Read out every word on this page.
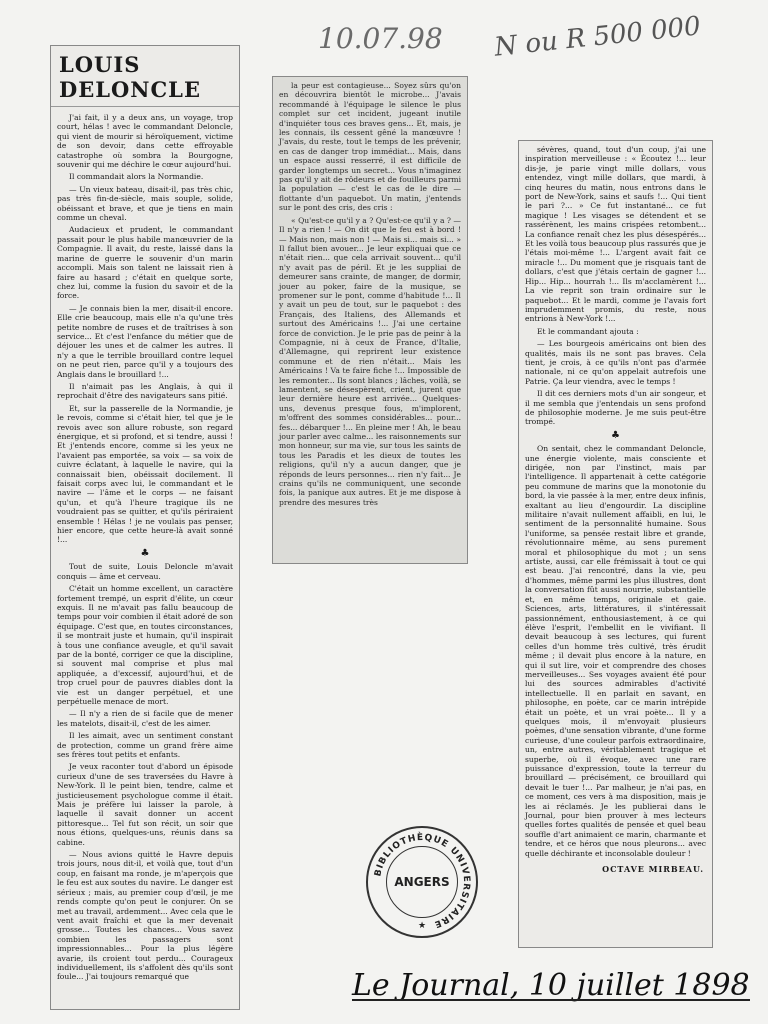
10.07.98 N ou R 500 000
LOUIS DELONCLE

J'ai fait, il y a deux ans, un voyage, trop court, hélas ! avec le commandant Deloncle, qui vient de mourir si héroïquement, victime de son devoir, dans cette effroyable catastrophe où sombra la Bourgogne, souvenir qui me déchire le cœur aujourd'hui.

Il commandait alors la Normandie.

— Un vieux bateau, disait-il, pas très chic, pas très fin-de-siècle, mais souple, solide, obéissant et brave, et que je tiens en main comme un cheval.

Audacieux et prudent, le commandant passait pour le plus habile manœuvrier de la Compagnie. Il avait, du reste, laissé dans la marine de guerre le souvenir d'un marin accompli. Mais son talent ne laissait rien à faire au hasard ; c'était en quelque sorte, chez lui, comme la fusion du savoir et de la force.

— Je connais bien la mer, disait-il encore. Elle crie beaucoup, mais elle n'a qu'une très petite nombre de ruses et de traîtrises à son service... Et c'est l'enfance du métier que de déjouer les unes et de calmer les autres. Il n'y a que le terrible brouillard contre lequel on ne peut rien, parce qu'il y a toujours des Anglais dans le brouillard !...

Il n'aimait pas les Anglais, à qui il reprochait d'être des navigateurs sans pitié.

Et, sur la passerelle de la Normandie, je le revois, comme si c'était hier, tel que je le revois avec son allure robuste, son regard énergique, et si profond, et si tendre, aussi ! Et j'entends encore, comme si les yeux ne l'avaient pas emportée, sa voix — sa voix de cuivre éclatant, à laquelle le navire, qui la connaissait bien, obéissait docilement. Il faisait corps avec lui, le commandant et le navire — l'âme et le corps — ne faisant qu'un, et qu'à l'heure tragique ils ne voudraient pas se quitter, et qu'ils périraient ensemble ! Hélas ! je ne voulais pas penser, hier encore, que cette heure-là avait sonné !...

♣

Tout de suite, Louis Deloncle m'avait conquis — âme et cerveau.

C'était un homme excellent, un caractère fortement trempé, un esprit d'élite, un cœur exquis. Il ne m'avait pas fallu beaucoup de temps pour voir combien il était adoré de son équipage. C'est que, en toutes circonstances, il se montrait juste et humain, qu'il inspirait à tous une confiance aveugle, et qu'il savait par de la bonté, corriger ce que la discipline, si souvent mal comprise et plus mal appliquée, a d'excessif, aujourd'hui, et de trop cruel pour de pauvres diables dont la vie est un danger perpétuel, et une perpétuelle menace de mort.

— Il n'y a rien de si facile que de mener les matelots, disait-il, c'est de les aimer.

Il les aimait, avec un sentiment constant de protection, comme un grand frère aime ses frères tout petits et enfants.

Je veux raconter tout d'abord un épisode curieux d'une de ses traversées du Havre à New-York. Il le peint bien, tendre, calme et justicieusement psychologue comme il était. Mais je préfère lui laisser la parole, à laquelle il savait donner un accent pittoresque... Tel fut son récit, un soir que nous étions, quelques-uns, réunis dans sa cabine.

— Nous avions quitté le Havre depuis trois jours, nous dit-il, et voilà que, tout d'un coup, en faisant ma ronde, je m'aperçois que le feu est aux soutes du navire. Le danger est sérieux ; mais, au premier coup d'œil, je me rends compte qu'on peut le conjurer. On se met au travail, ardemment... Avec cela que le vent avait fraîchi et que la mer devenait grosse... Toutes les chances... Vous savez combien les passagers sont impressionnables... Pour la plus légère avarie, ils croient tout perdu... Courageux individuellement, ils s'affolent dès qu'ils sont foule... J'ai toujours remarqué que

la peur est contagieuse... Soyez sûrs qu'on en découvrira bientôt le microbe... J'avais recommandé à l'équipage le silence le plus complet sur cet incident, jugeant inutile d'inquiéter tous ces braves gens... Et, mais, je les connais, ils cessent gêné la manœuvre ! J'avais, du reste, tout le temps de les prévenir, en cas de danger trop immédiat... Mais, dans un espace aussi resserré, il est difficile de garder longtemps un secret... Vous n'imaginez pas qu'il y ait de rôdeurs et de fouilleurs parmi la population — c'est le cas de le dire — flottante d'un paquebot. Un matin, j'entends sur le pont des cris, des cris :

« Qu'est-ce qu'il y a ? Qu'est-ce qu'il y a ? — Il n'y a rien ! — On dit que le feu est à bord ! — Mais non, mais non ! — Mais si... mais si... » Il fallut bien avouer... Je leur expliquai que ce n'était rien... que cela arrivait souvent... qu'il n'y avait pas de péril. Et je les suppliai de demeurer sans crainte, de manger, de dormir, jouer au poker, faire de la musique, se promener sur le pont, comme d'habitude !... Il y avait un peu de tout, sur le paquebot : des Français, des Italiens, des Allemands et surtout des Américains !... J'ai une certaine force de conviction. Je le prie pas de peinr à la Compagnie, ni à ceux de France, d'Italie, d'Allemagne, qui reprirent leur existence commune et de rien n'était... Mais les Américains ! Va te faire fiche !... Impossible de les remonter... Ils sont blancs ; lâches, voilà, se lamentent, se désespèrent, crient, jurent que leur dernière heure est arrivée... Quelques-uns, devenus presque fous, m'implorent, m'offrent des sommes considérables... pour... fes... débarquer !... En pleine mer ! Ah, le beau jour parler avec calme... les raisonnements sur mon honneur, sur ma vie, sur tous les saints de tous les Paradis et les dieux de toutes les religions, qu'il n'y a aucun danger, que je réponds de leurs personnes... rien n'y fait... Je crains qu'ils ne communiquent, une seconde fois, la panique aux autres. Et je me dispose à prendre des mesures très

sévères, quand, tout d'un coup, j'ai une inspiration merveilleuse : « Écoutez !... leur dis-je, je parie vingt mille dollars, vous entendez, vingt mille dollars, que mardi, à cinq heures du matin, nous entrons dans le port de New-York, sains et saufs !... Qui tient le pari ?... » Ce fut instantané... ce fut magique ! Les visages se détendent et se rassérènent, les mains crispées retombent... La confiance renaît chez les plus désespérés... Et les voilà tous beaucoup plus rassurés que je l'étais moi-même !... L'argent avait fait ce miracle !... Du moment que je risquais tant de dollars, c'est que j'étais certain de gagner !... Hip... Hip... hourrah !... Ils m'acclamèrent !... La vie reprit son train ordinaire sur le paquebot... Et le mardi, comme je l'avais fort imprudemment promis, du reste, nous entrions à New-York !...

Et le commandant ajouta :

— Les bourgeois américains ont bien des qualités, mais ils ne sont pas braves. Cela tient, je crois, à ce qu'ils n'ont pas d'armée nationale, ni ce qu'on appelait autrefois une Patrie. Ça leur viendra, avec le temps !

Il dit ces derniers mots d'un air songeur, et il me sembla que j'entendais un sens profond de philosophie moderne. Je me suis peut-être trompé.

♣

On sentait, chez le commandant Deloncle, une énergie violente, mais consciente et dirigée, non par l'instinct, mais par l'intelligence. Il appartenait à cette catégorie peu commune de marins que la monotonie du bord, la vie passée à la mer, entre deux infinis, exaltant au lieu d'engourdir. La discipline militaire n'avait nullement affaibli, en lui, le sentiment de la personnalité humaine. Sous l'uniforme, sa pensée restait libre et grande, révolutionnaire même, au sens purement moral et philosophique du mot ; un sens artiste, aussi, car elle frémissait à tout ce qui est beau. J'ai rencontré, dans la vie, peu d'hommes, même parmi les plus illustres, dont la conversation fût aussi nourrie, substantielle et, en même temps, originale et gaie. Sciences, arts, littératures, il s'intéressait passionnément, enthousiastement, à ce qui élève l'esprit, l'embellit en le vivifiant. Il devait beaucoup à ses lectures, qui furent celles d'un homme très cultivé, très érudit même ; il devait plus encore à la nature, en qui il sut lire, voir et comprendre des choses merveilleuses... Ses voyages avaient été pour lui des sources admirables d'activité intellectuelle. Il en parlait en savant, en philosophe, en poète, car ce marin intrépide était un poète, et un vrai poète... Il y a quelques mois, il m'envoyait plusieurs poèmes, d'une sensation vibrante, d'une forme curieuse, d'une couleur parfois extraordinaire, un, entre autres, véritablement tragique et superbe, où il évoque, avec une rare puissance d'expression, toute la terreur du brouillard — précisément, ce brouillard qui devait le tuer !... Par malheur, je n'ai pas, en ce moment, ces vers à ma disposition, mais je les ai réclamés. Je les publierai dans le Journal, pour bien prouver à mes lecteurs quelles fortes qualités de pensée et quel beau souffle d'art animaient ce marin, charmante et tendre, et ce héros que nous pleurons... avec quelle déchirante et inconsolable douleur !

OCTAVE MIRBEAU.
BIBLIOTHÈQUE UNIVERSITAIRE
★
ANGERS
Le Journal, 10 juillet 1898
